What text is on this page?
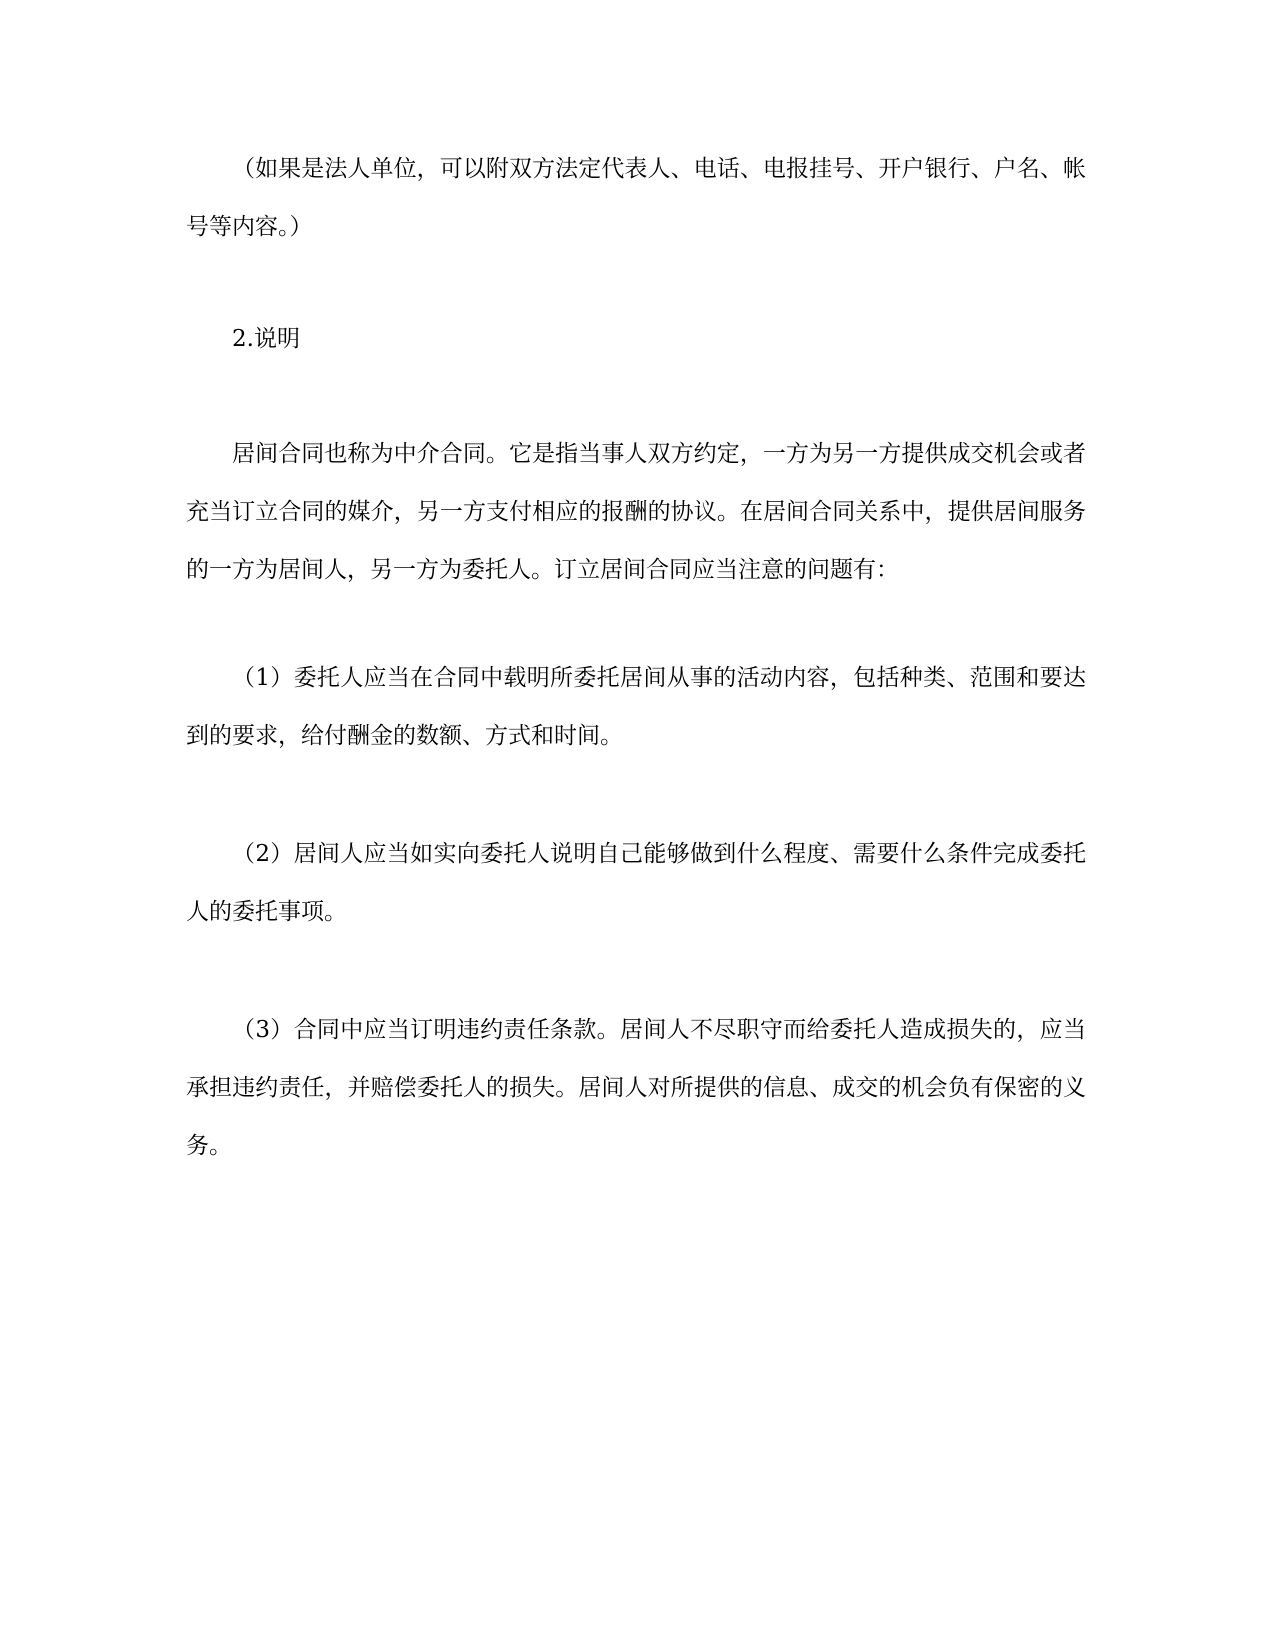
（如果是法人单位，可以附双方法定代表人、电话、电报挂号、开户银行、户名、帐号等内容。）

2.说明

居间合同也称为中介合同。它是指当事人双方约定，一方为另一方提供成交机会或者充当订立合同的媒介，另一方支付相应的报酬的协议。在居间合同关系中，提供居间服务的一方为居间人，另一方为委托人。订立居间合同应当注意的问题有：

（1）委托人应当在合同中载明所委托居间从事的活动内容，包括种类、范围和要达到的要求，给付酬金的数额、方式和时间。

（2）居间人应当如实向委托人说明自己能够做到什么程度、需要什么条件完成委托人的委托事项。

（3）合同中应当订明违约责任条款。居间人不尽职守而给委托人造成损失的，应当承担违约责任，并赔偿委托人的损失。居间人对所提供的信息、成交的机会负有保密的义务。
